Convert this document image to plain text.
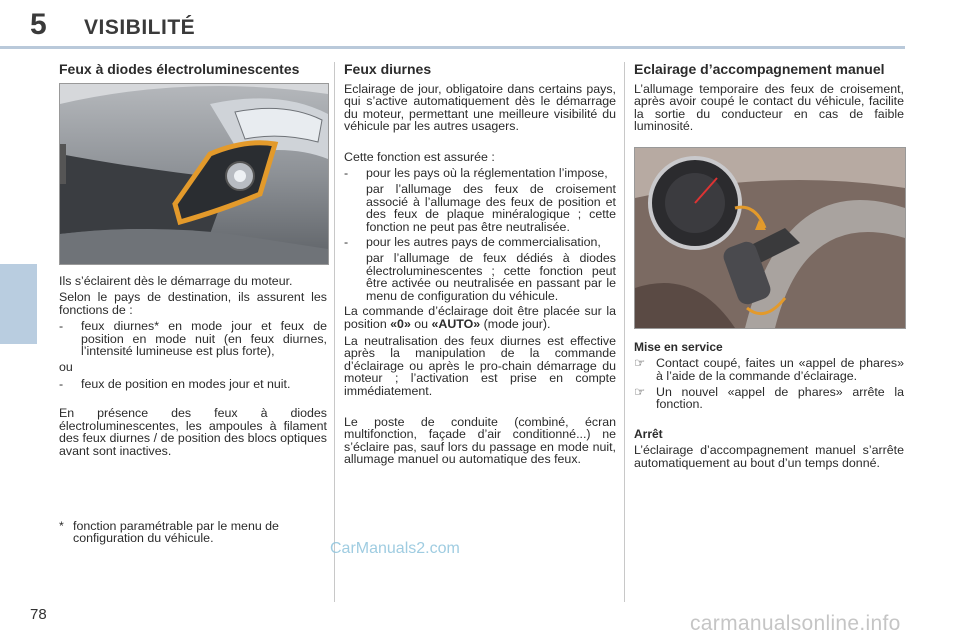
5 VISIBILITÉ
Feux à diodes électroluminescentes

Ils s’éclairent dès le démarrage du moteur.

Selon le pays de destination, ils assurent les fonctions de :

-	feux diurnes* en mode jour et feux de position en mode nuit (en feux diurnes, l’intensité lumineuse est plus forte),

ou

-	feux de position en modes jour et nuit.

En présence des feux à diodes électroluminescentes, les ampoules à filament des feux diurnes / de position des blocs optiques avant sont inactives.

* fonction paramétrable par le menu de configuration du véhicule.
Feux diurnes

Eclairage de jour, obligatoire dans certains pays, qui s’active automatiquement dès le démarrage du moteur, permettant une meilleure visibilité du véhicule par les autres usagers.

Cette fonction est assurée :

-	pour les pays où la réglementation l’impose,
par l’allumage des feux de croisement associé à l’allumage des feux de position et des feux de plaque minéralogique ; cette fonction ne peut pas être neutralisée.
-	pour les autres pays de commercialisation,
par l’allumage de feux dédiés à diodes électroluminescentes ; cette fonction peut être activée ou neutralisée en passant par le menu de configuration du véhicule.

La commande d’éclairage doit être placée sur la position «0» ou «AUTO» (mode jour).

La neutralisation des feux diurnes est effective après la manipulation de la commande d’éclairage ou après le pro-chain démarrage du moteur ; l’activation est prise en compte immédiatement.

Le poste de conduite (combiné, écran multifonction, façade d’air conditionné...) ne s’éclaire pas, sauf lors du passage en mode nuit, allumage manuel ou automatique des feux.

Eclairage d’accompagnement manuel

L’allumage temporaire des feux de croisement, après avoir coupé le contact du véhicule, facilite la sortie du conducteur en cas de faible luminosité.

Mise en service
☞ Contact coupé, faites un «appel de phares» à l’aide de la commande d’éclairage.
☞ Un nouvel «appel de phares» arrête la fonction.
Arrêt

L’éclairage d’accompagnement manuel s’arrête automatiquement au bout d’un temps donné.

78
CarManuals2.com
carmanualsonline.info
